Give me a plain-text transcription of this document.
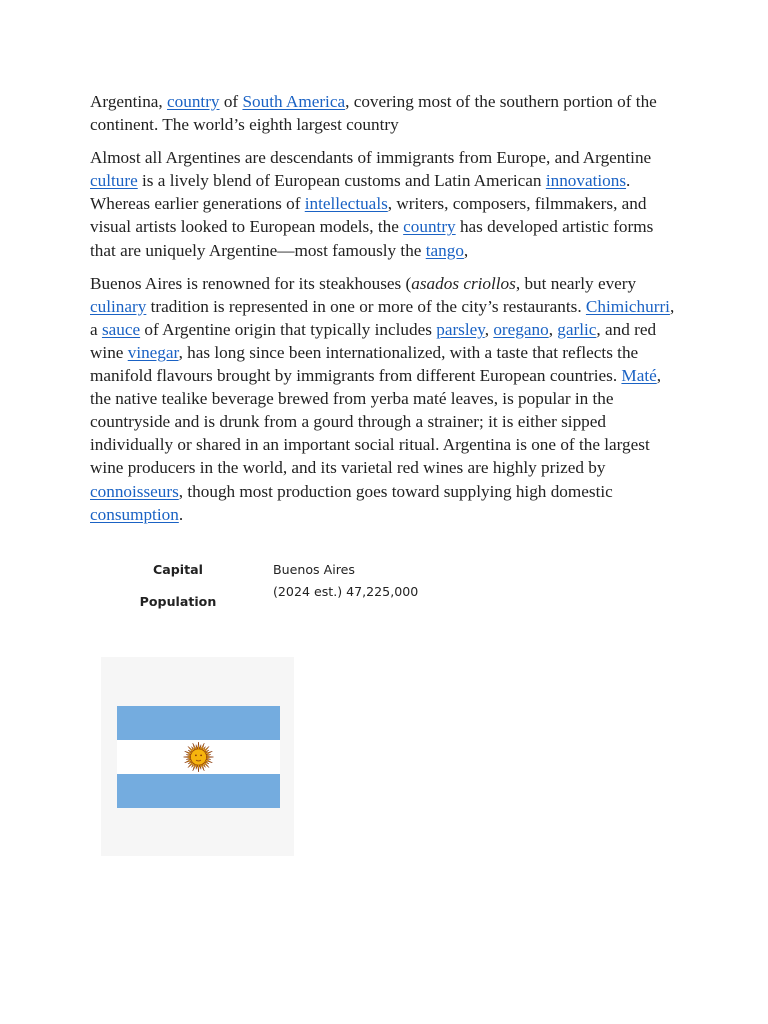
Argentina, country of South America, covering most of the southern portion of the continent. The world’s eighth largest country

Almost all Argentines are descendants of immigrants from Europe, and Argentine culture is a lively blend of European customs and Latin American innovations. Whereas earlier generations of intellectuals, writers, composers, filmmakers, and visual artists looked to European models, the country has developed artistic forms that are uniquely Argentine—most famously the tango,

Buenos Aires is renowned for its steakhouses (asados criollos, but nearly every culinary tradition is represented in one or more of the city’s restaurants. Chimichurri, a sauce of Argentine origin that typically includes parsley, oregano, garlic, and red wine vinegar, has long since been internationalized, with a taste that reflects the manifold flavours brought by immigrants from different European countries. Maté, the native tealike beverage brewed from yerba maté leaves, is popular in the countryside and is drunk from a gourd through a strainer; it is either sipped individually or shared in an important social ritual. Argentina is one of the largest wine producers in the world, and its varietal red wines are highly prized by connoisseurs, though most production goes toward supplying high domestic consumption.

Capital	Buenos Aires
Population
(2024 est.) 47,225,000
